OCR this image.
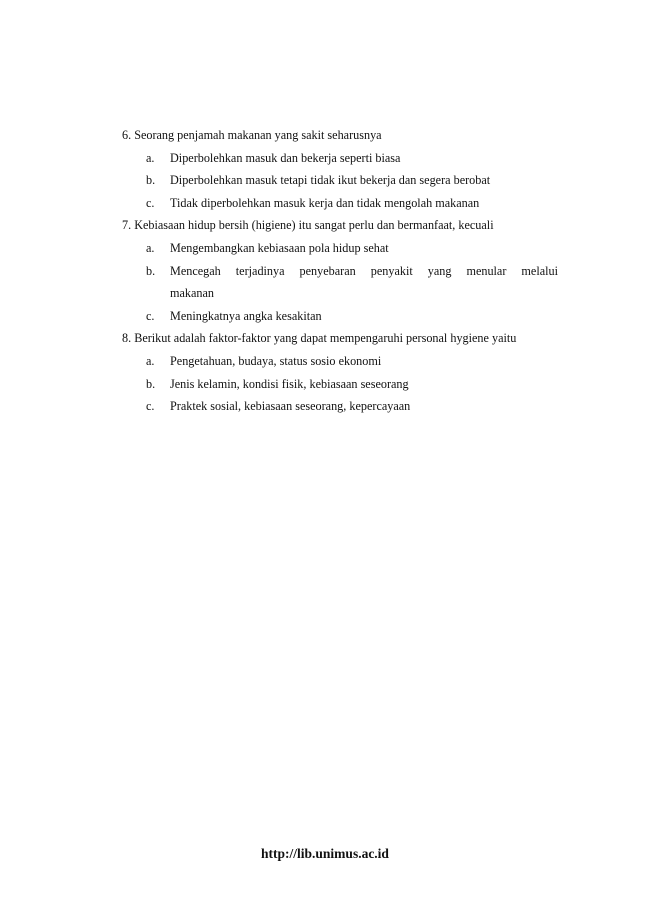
6. Seorang penjamah makanan yang sakit seharusnya
a.	Diperbolehkan masuk dan bekerja seperti biasa
b.	Diperbolehkan masuk tetapi tidak ikut bekerja dan segera berobat
c.	Tidak diperbolehkan masuk kerja dan tidak mengolah makanan
7. Kebiasaan hidup bersih (higiene) itu sangat perlu dan bermanfaat, kecuali
a.	Mengembangkan kebiasaan pola hidup sehat
b.	Mencegah terjadinya penyebaran penyakit yang menular melalui
makanan
c.	Meningkatnya angka kesakitan
8. Berikut adalah faktor-faktor yang dapat mempengaruhi personal hygiene yaitu
a.	Pengetahuan, budaya, status sosio ekonomi
b.	Jenis kelamin, kondisi fisik, kebiasaan seseorang
c.	Praktek sosial, kebiasaan seseorang, kepercayaan
http://lib.unimus.ac.id
